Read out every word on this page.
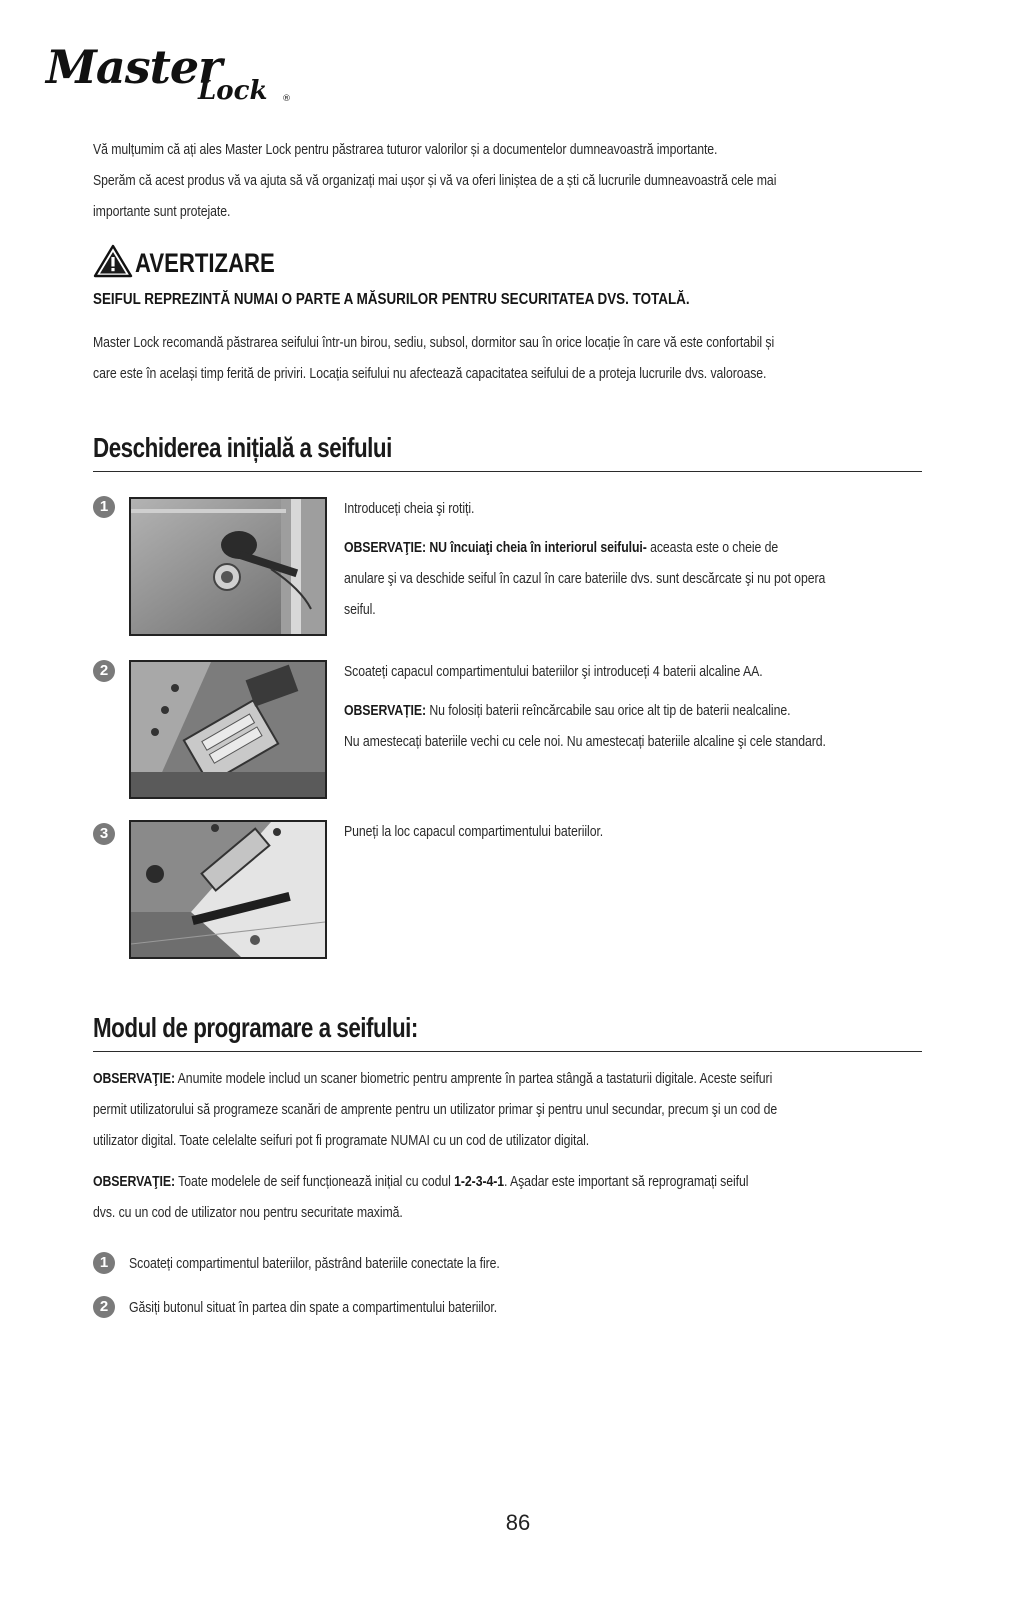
Master
Lock ®
Vă mulțumim că ați ales Master Lock pentru păstrarea tuturor valorilor și a documentelor dumneavoastră importante.
Sperăm că acest produs vă va ajuta să vă organizați mai ușor și vă va oferi liniștea de a ști că lucrurile dumneavoastră cele mai
importante sunt protejate.
AVERTIZARE
SEIFUL REPREZINTĂ NUMAI O PARTE A MĂSURILOR PENTRU SECURITATEA DVS. TOTALĂ.
Master Lock recomandă păstrarea seifului într-un birou, sediu, subsol, dormitor sau în orice locație în care vă este confortabil și
care este în același timp ferită de priviri. Locația seifului nu afectează capacitatea seifului de a proteja lucrurile dvs. valoroase.
Deschiderea inițială a seifului
1	Introduceți cheia şi rotiți.
OBSERVAŢIE: NU încuiaţi cheia în interiorul seifului- aceasta este o cheie de
anulare şi va deschide seiful în cazul în care bateriile dvs. sunt descărcate şi nu pot opera
seiful.
2	Scoateți capacul compartimentului bateriilor şi introduceți 4 baterii alcaline AA.
OBSERVAȚIE: Nu folosiți baterii reîncărcabile sau orice alt tip de baterii nealcaline.
Nu amestecați bateriile vechi cu cele noi. Nu amestecați bateriile alcaline şi cele standard.
3	Puneți la loc capacul compartimentului bateriilor.
Modul de programare a seifului:
OBSERVAŢIE: Anumite modele includ un scaner biometric pentru amprente în partea stângă a tastaturii digitale. Aceste seifuri
permit utilizatorului să programeze scanări de amprente pentru un utilizator primar şi pentru unul secundar, precum şi un cod de
utilizator digital. Toate celelalte seifuri pot fi programate NUMAI cu un cod de utilizator digital.
OBSERVAŢIE: Toate modelele de seif funcționează inițial cu codul 1-2-3-4-1. Aşadar este important să reprogramați seiful
dvs. cu un cod de utilizator nou pentru securitate maximă.
1	Scoateți compartimentul bateriilor, păstrând bateriile conectate la fire.
2	Găsiți butonul situat în partea din spate a compartimentului bateriilor.
86
